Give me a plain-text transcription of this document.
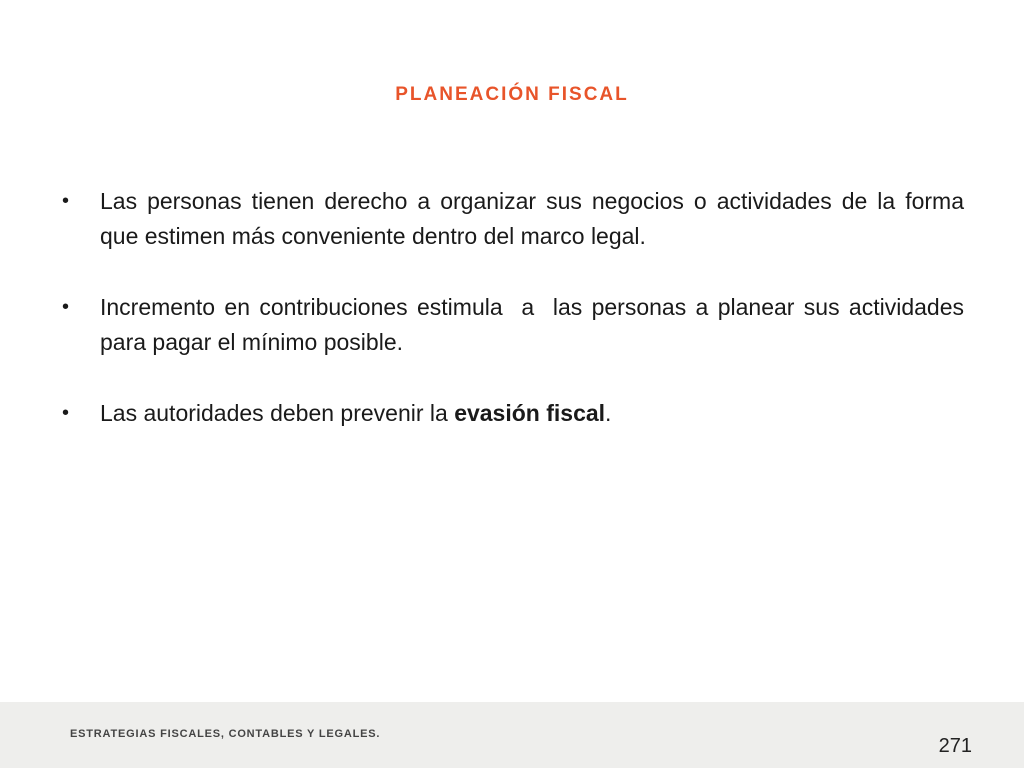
PLANEACIÓN FISCAL
•	Las personas tienen derecho a organizar sus negocios o actividades de la forma que estimen más conveniente dentro del marco legal.
•	Incremento en contribuciones estimula  a  las personas a planear sus actividades para pagar el mínimo posible.
•	Las autoridades deben prevenir la evasión fiscal.
ESTRATEGIAS FISCALES, CONTABLES Y LEGALES.
271
